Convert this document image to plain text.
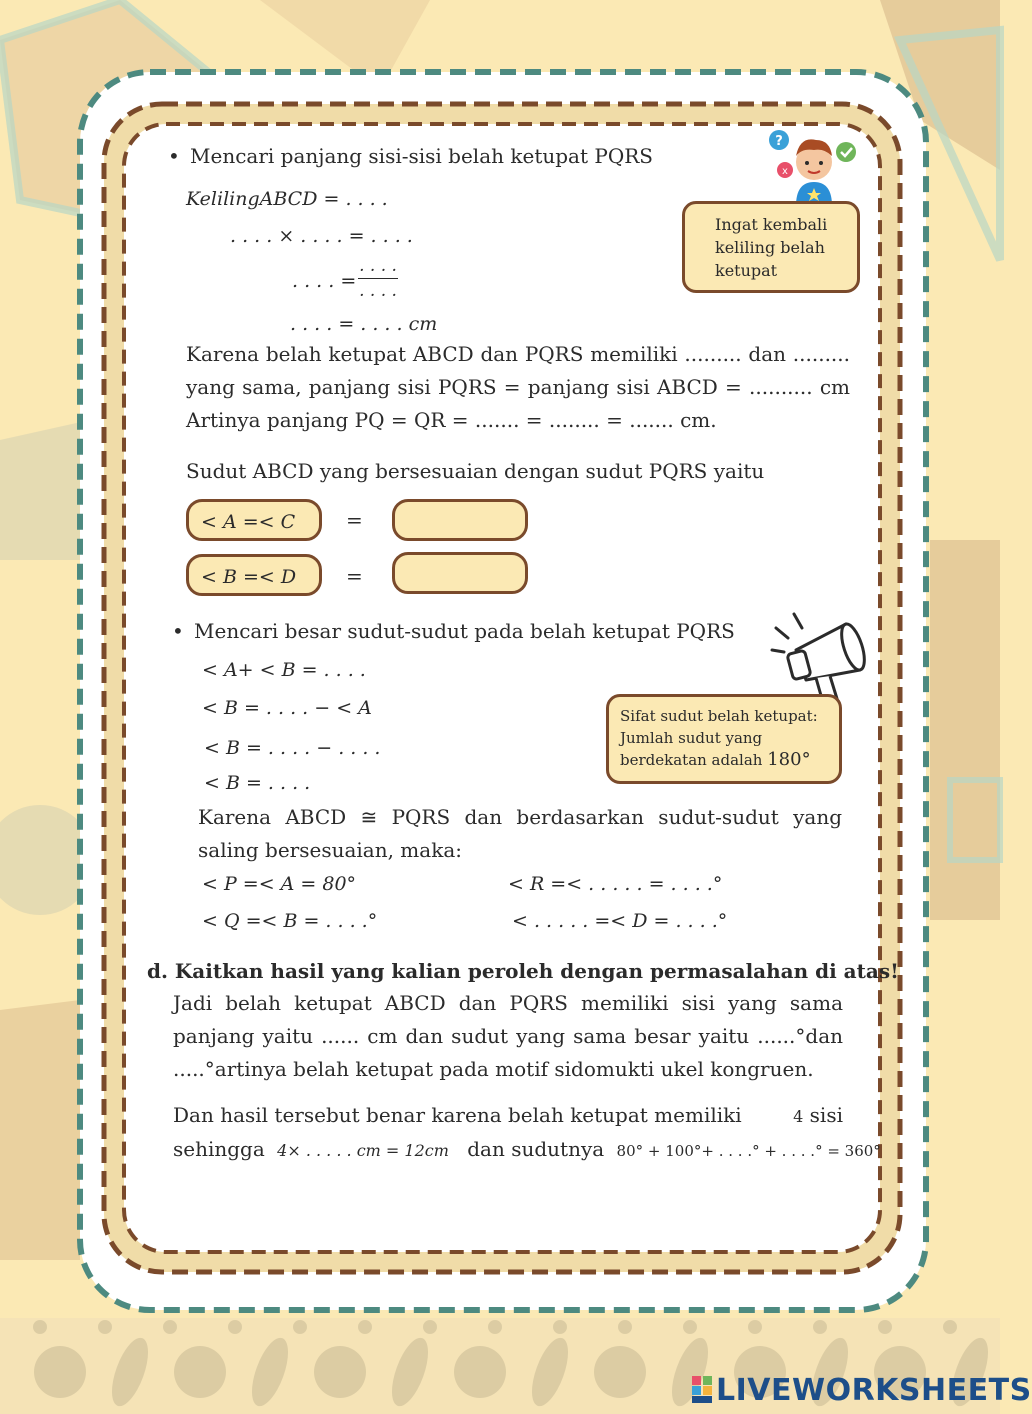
• Mencari panjang sisi-sisi belah ketupat PQRS
KelilingABCD = . . . .
. . . . × . . . . = . . . .
. . . . =
. . . .
. . . .
. . . . = . . . . cm
?
x
Ingat kembali keliling belah ketupat
Karena belah ketupat ABCD dan PQRS memiliki ......... dan ......... yang sama, panjang sisi PQRS = panjang sisi ABCD = .......... cm Artinya panjang PQ = QR = ....... = ........ = ....... cm.
Sudut ABCD yang bersesuaian dengan sudut PQRS yaitu
< A =< C	=
< B =< D =
• Mencari besar sudut-sudut pada belah ketupat PQRS
< A+ < B = . . . .
< B = . . . . − < A
< B = . . . . − . . . .
< B = . . . .
Sifat sudut belah ketupat:
Jumlah sudut yang
berdekatan adalah 180°
Karena ABCD ≅ PQRS dan berdasarkan sudut-sudut yang saling bersesuaian, maka:
< P =< A = 80°	< R =< . . . . . = . . . .°
< Q =< B = . . . .°	< . . . . . =< D = . . . .°
d. Kaitkan hasil yang kalian peroleh dengan permasalahan di atas!
Jadi belah ketupat ABCD dan PQRS memiliki sisi yang sama panjang yaitu ...... cm dan sudut yang sama besar yaitu ......°dan .....°artinya belah ketupat pada motif sidomukti ukel kongruen.
Dan hasil tersebut benar karena belah ketupat memiliki	4 sisi
sehingga 4× . . . . . cm = 12cm dan sudutnya 80° + 100°+ . . . .° + . . . .° = 360°
LIVEWORKSHEETS
